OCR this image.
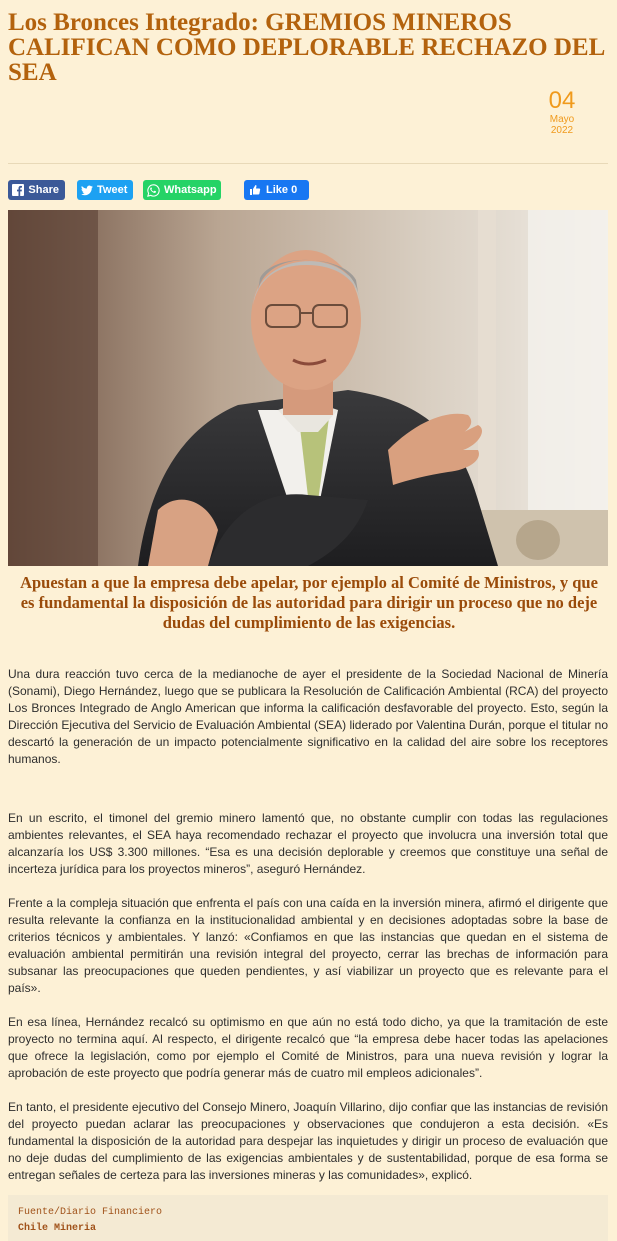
Los Bronces Integrado: GREMIOS MINEROS CALIFICAN COMO DEPLORABLE RECHAZO DEL SEA
04
Mayo
2022
Share	Tweet	Whatsapp	Like 0

Apuestan a que la empresa debe apelar, por ejemplo al Comité de Ministros, y que es fundamental la disposición de las autoridad para dirigir un proceso que no deje dudas del cumplimiento de las exigencias.

Una dura reacción tuvo cerca de la medianoche de ayer el presidente de la Sociedad Nacional de Minería (Sonami), Diego Hernández, luego que se publicara la Resolución de Calificación Ambiental (RCA) del proyecto Los Bronces Integrado de Anglo American que informa la calificación desfavorable del proyecto. Esto, según la Dirección Ejecutiva del Servicio de Evaluación Ambiental (SEA) liderado por Valentina Durán, porque el titular no descartó la generación de un impacto potencialmente significativo en la calidad del aire sobre los receptores humanos.

En un escrito, el timonel del gremio minero lamentó que, no obstante cumplir con todas las regulaciones ambientes relevantes, el SEA haya recomendado rechazar el proyecto que involucra una inversión total que alcanzaría los US$ 3.300 millones. “Esa es una decisión deplorable y creemos que constituye una señal de incerteza jurídica para los proyectos mineros”, aseguró Hernández.

Frente a la compleja situación que enfrenta el país con una caída en la inversión minera, afirmó el dirigente que resulta relevante la confianza en la institucionalidad ambiental y en decisiones adoptadas sobre la base de criterios técnicos y ambientales. Y lanzó: «Confiamos en que las instancias que quedan en el sistema de evaluación ambiental permitirán una revisión integral del proyecto, cerrar las brechas de información para subsanar las preocupaciones que queden pendientes, y así viabilizar un proyecto que es relevante para el país».

En esa línea, Hernández recalcó su optimismo en que aún no está todo dicho, ya que la tramitación de este proyecto no termina aquí. Al respecto, el dirigente recalcó que “la empresa debe hacer todas las apelaciones que ofrece la legislación, como por ejemplo el Comité de Ministros, para una nueva revisión y lograr la aprobación de este proyecto que podría generar más de cuatro mil empleos adicionales”.

En tanto, el presidente ejecutivo del Consejo Minero, Joaquín Villarino, dijo confiar que las instancias de revisión del proyecto puedan aclarar las preocupaciones y observaciones que condujeron a esta decisión. «Es fundamental la disposición de la autoridad para despejar las inquietudes y dirigir un proceso de evaluación que no deje dudas del cumplimiento de las exigencias ambientales y de sustentabilidad, porque de esa forma se entregan señales de certeza para las inversiones mineras y las comunidades», explicó.

Fuente/Diario Financiero
Chile Mineria
